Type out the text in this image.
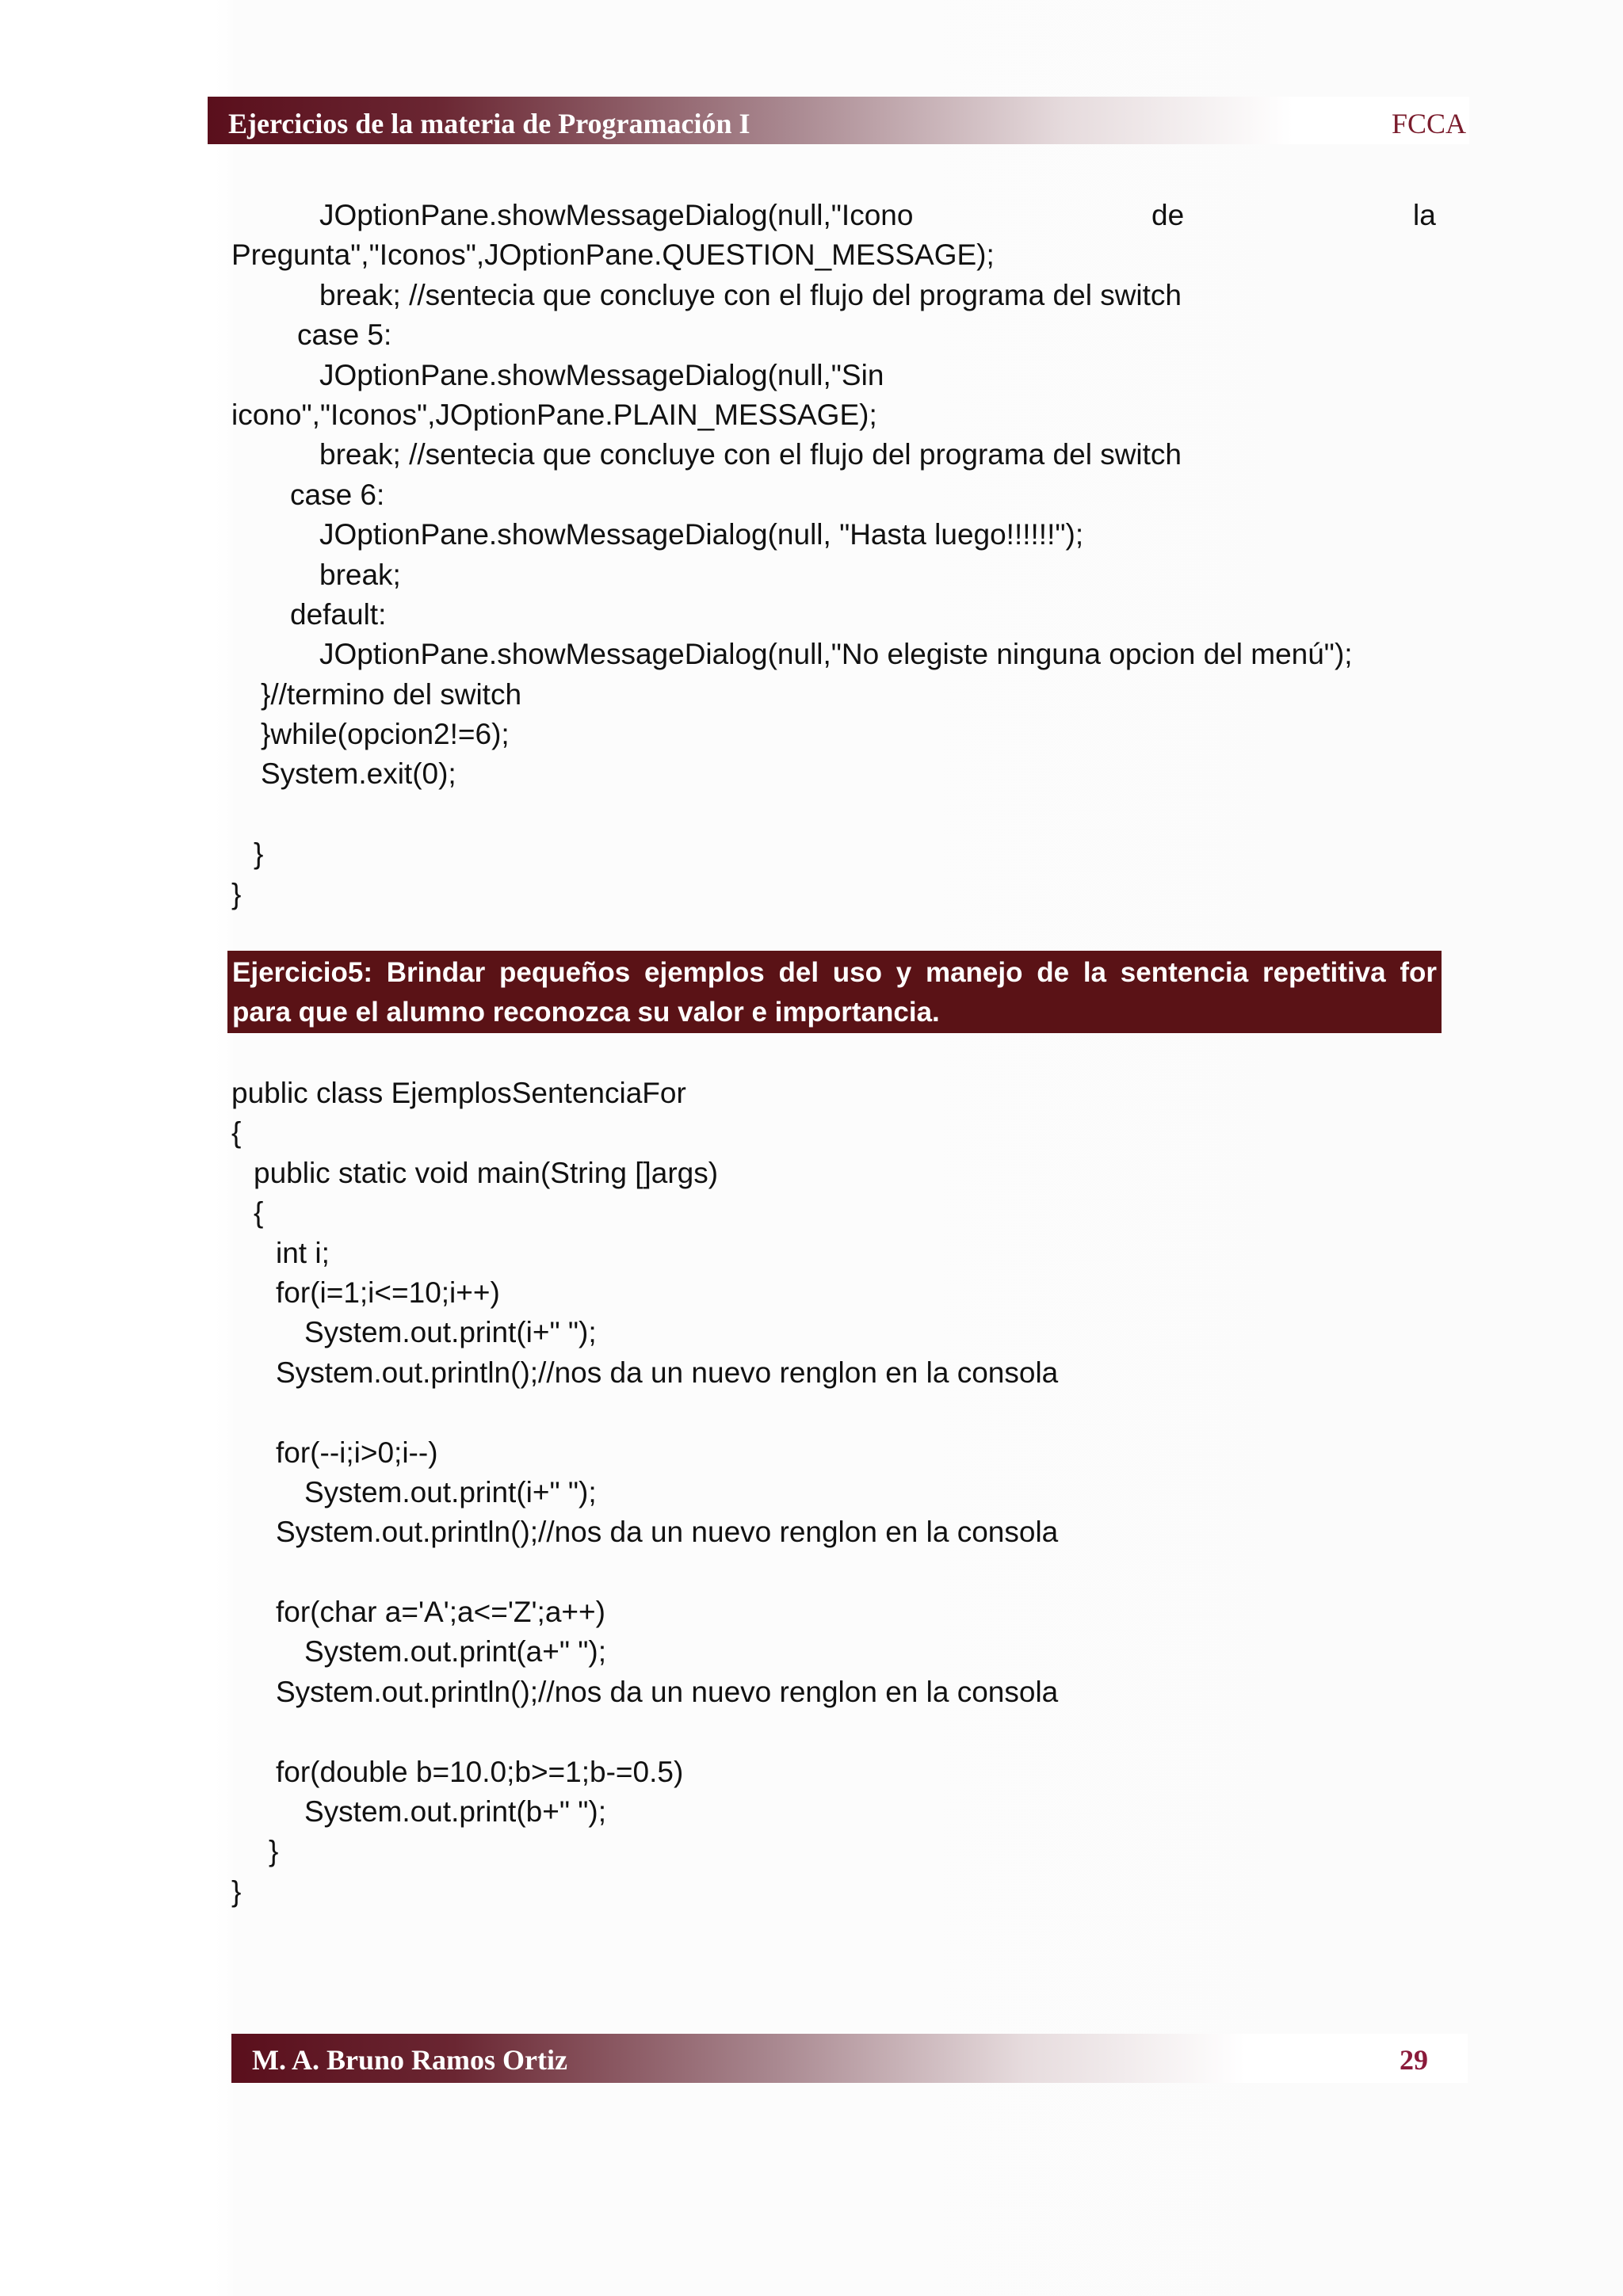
Ejercicios de la materia de Programación I	FCCA

JOptionPane.showMessageDialog(null,"Icono

	de

	la

Pregunta","Iconos",JOptionPane.QUESTION_MESSAGE);
break; //sentecia que concluye con el flujo del programa del switch
case 5:
JOptionPane.showMessageDialog(null,"Sin
icono","Iconos",JOptionPane.PLAIN_MESSAGE);
break; //sentecia que concluye con el flujo del programa del switch
case 6:
JOptionPane.showMessageDialog(null, "Hasta luego!!!!!!");
break;
default:
JOptionPane.showMessageDialog(null,"No elegiste ninguna opcion del menú");
}//termino del switch
}while(opcion2!=6);
System.exit(0);
}
}
Ejercicio5: Brindar pequeños ejemplos del uso y manejo de la sentencia repetitiva for
para que el alumno reconozca su valor e importancia.
public class EjemplosSentenciaFor
{
public static void main(String []args)
{
int i;
for(i=1;i<=10;i++)
System.out.print(i+" ");
System.out.println();//nos da un nuevo renglon en la consola
for(--i;i>0;i--)
System.out.print(i+" ");
System.out.println();//nos da un nuevo renglon en la consola
for(char a='A';a<='Z';a++)
System.out.print(a+" ");
System.out.println();//nos da un nuevo renglon en la consola
for(double b=10.0;b>=1;b-=0.5)
System.out.print(b+" ");
}
}
M. A. Bruno Ramos Ortiz	29
